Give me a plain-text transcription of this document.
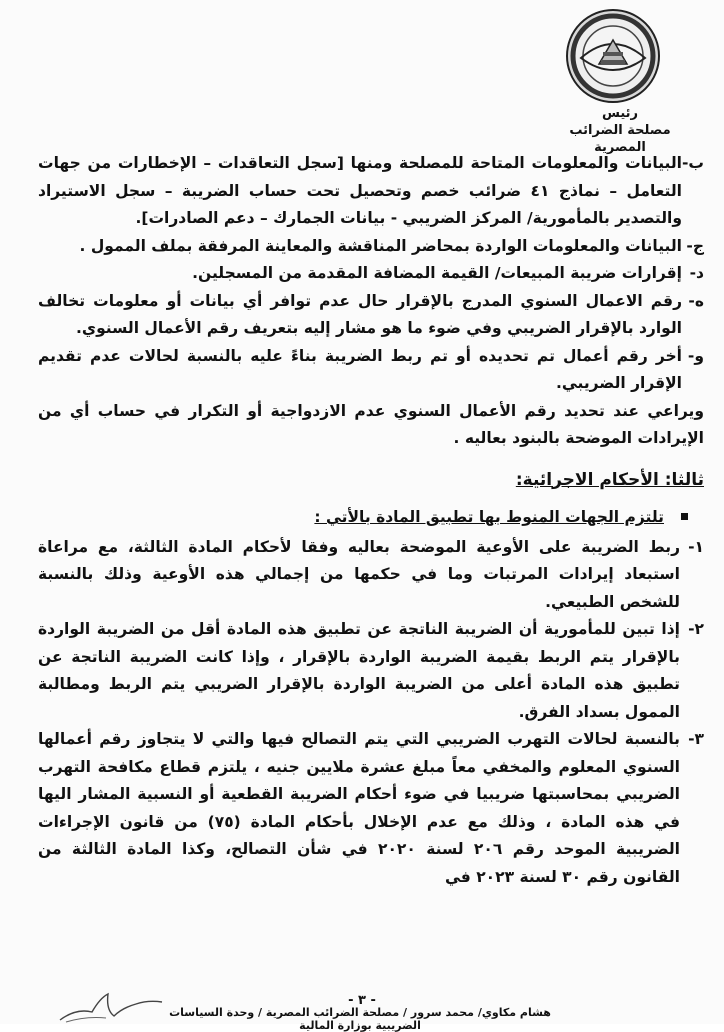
رئيس
مصلحة الضرائب المصرية

ب-
البيانات والمعلومات المتاحة للمصلحة ومنها [سجل التعاقدات – الإخطارات من جهات التعامل – نماذج ٤١ ضرائب خصم وتحصيل تحت حساب الضريبة – سجل الاستيراد والتصدير بالمأمورية/ المركز الضريبي - بيانات الجمارك – دعم الصادرات].

ج-
البيانات والمعلومات الواردة بمحاضر المناقشة والمعاينة المرفقة بملف الممول .

د-
إقرارات ضريبة المبيعات/ القيمة المضافة المقدمة من المسجلين.

ه-
رقم الاعمال السنوي المدرج بالإقرار حال عدم توافر أي بيانات أو معلومات تخالف الوارد بالإقرار الضريبي وفي ضوء ما هو مشار إليه بتعريف رقم الأعمال السنوي.

و-
أخر رقم أعمال تم تحديده أو تم ربط الضريبة بناءً عليه بالنسبة لحالات عدم تقديم الإقرار الضريبي.

ويراعي عند تحديد رقم الأعمال السنوي عدم الازدواجية أو التكرار في حساب أي من الإيرادات الموضحة بالبنود بعاليه .

ثالثا: الأحكام الاجرائية:

تلتزم الجهات المنوط بها تطبيق المادة بالأتي :

١-
ربط الضريبة على الأوعية الموضحة بعاليه وفقا لأحكام المادة الثالثة، مع مراعاة استبعاد إيرادات المرتبات وما في حكمها من إجمالي هذه الأوعية وذلك بالنسبة للشخص الطبيعي.

٢-
إذا تبين للمأمورية أن الضريبة الناتجة عن تطبيق هذه المادة أقل من الضريبة الواردة بالإقرار يتم الربط بقيمة الضريبة الواردة بالإقرار ، وإذا كانت الضريبة الناتجة عن تطبيق هذه المادة أعلى من الضريبة الواردة بالإقرار الضريبي يتم الربط ومطالبة الممول بسداد الفرق.

٣-
بالنسبة لحالات التهرب الضريبي التي يتم التصالح فيها والتي لا يتجاوز رقم أعمالها السنوي المعلوم والمخفي معاً مبلغ عشرة ملايين جنيه ، يلتزم قطاع مكافحة التهرب الضريبي بمحاسبتها ضريبيا في ضوء أحكام الضريبة القطعية أو النسبية المشار اليها في هذه المادة ، وذلك مع عدم الإخلال بأحكام المادة (٧٥) من قانون الإجراءات الضريبية الموحد رقم ٢٠٦ لسنة ٢٠٢٠ في شأن التصالح، وكذا المادة الثالثة من القانون رقم ٣٠ لسنة ٢٠٢٣ في

- ٣ -
هشام مكاوي/ محمد سرور / مصلحة الضرائب المصرية / وحدة السياسات الضريبية بوزارة المالية
